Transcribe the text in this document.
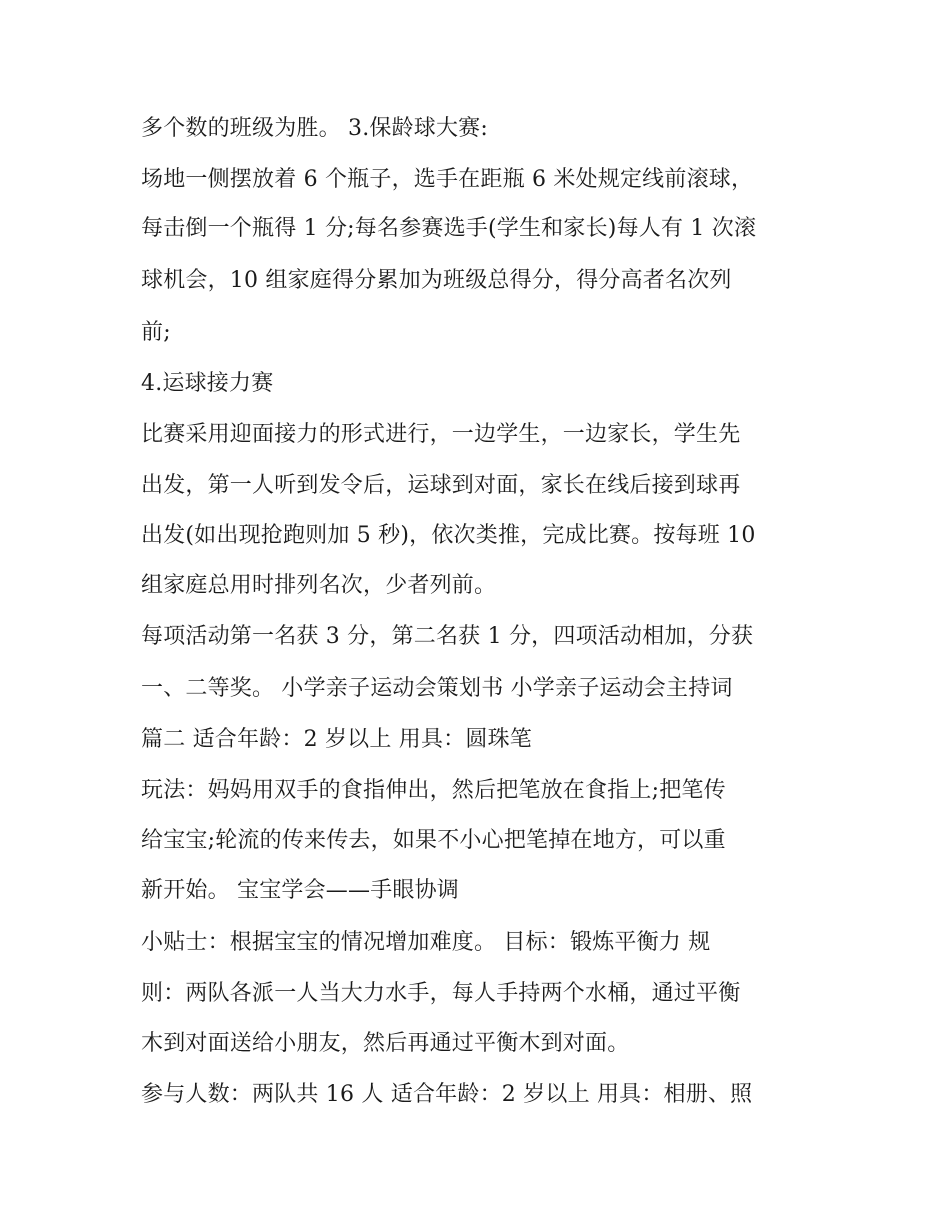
多个数的班级为胜。 3.保龄球大赛:

场地一侧摆放着 6 个瓶子，选手在距瓶 6 米处规定线前滚球，

每击倒一个瓶得 1 分;每名参赛选手(学生和家长)每人有 1 次滚

球机会，10 组家庭得分累加为班级总得分，得分高者名次列

前;

4.运球接力赛

比赛采用迎面接力的形式进行，一边学生，一边家长，学生先

出发，第一人听到发令后，运球到对面，家长在线后接到球再

出发(如出现抢跑则加 5 秒)，依次类推，完成比赛。按每班 10

组家庭总用时排列名次，少者列前。

每项活动第一名获 3 分，第二名获 1 分，四项活动相加，分获

一、二等奖。 小学亲子运动会策划书 小学亲子运动会主持词

篇二 适合年龄：2 岁以上 用具：圆珠笔

玩法：妈妈用双手的食指伸出，然后把笔放在食指上;把笔传

给宝宝;轮流的传来传去，如果不小心把笔掉在地方，可以重

新开始。 宝宝学会——手眼协调

小贴士：根据宝宝的情况增加难度。 目标：锻炼平衡力 规

则：两队各派一人当大力水手，每人手持两个水桶，通过平衡

木到对面送给小朋友，然后再通过平衡木到对面。

参与人数：两队共 16 人 适合年龄：2 岁以上 用具：相册、照
